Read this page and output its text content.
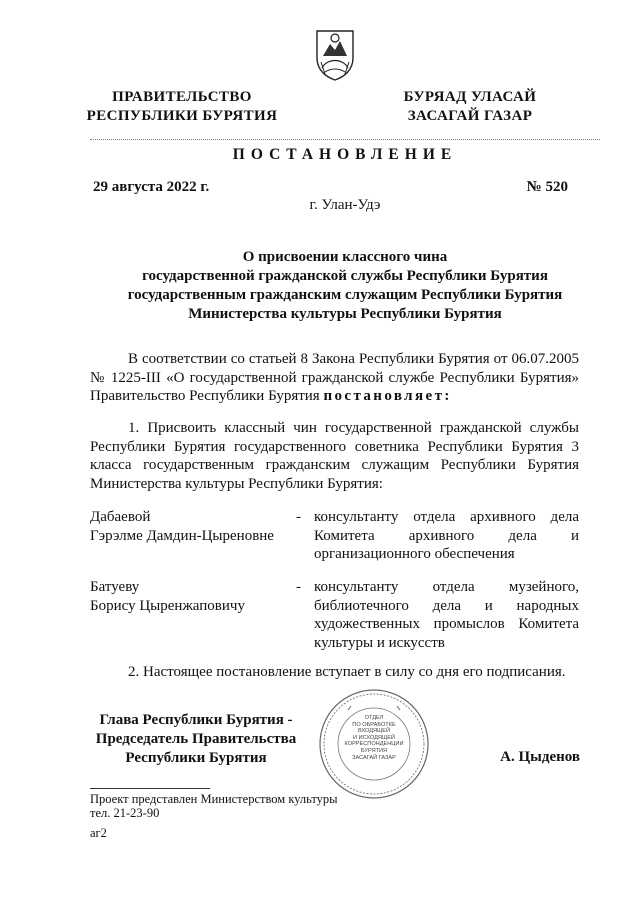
ПРАВИТЕЛЬСТВО
РЕСПУБЛИКИ БУРЯТИЯ
БУРЯАД УЛАСАЙ
ЗАСАГАЙ ГАЗАР
ПОСТАНОВЛЕНИЕ
29 августа 2022 г.	№ 520
г. Улан-Удэ
О присвоении классного чина
государственной гражданской службы Республики Бурятия
государственным гражданским служащим Республики Бурятия
Министерства культуры Республики Бурятия
В соответствии со статьей 8 Закона Республики Бурятия от 06.07.2005 № 1225-III «О государственной гражданской службе Республики Бурятия» Правительство Республики Бурятия постановляет:
1. Присвоить классный чин государственной гражданской службы Республики Бурятия государственного советника Республики Бурятия 3 класса государственным гражданским служащим Республики Бурятия Министерства культуры Республики Бурятия:
Дабаевой
Гэрэлме Дамдин-Цыреновне
- консультанту отдела архивного дела Комитета архивного дела и организационного обеспечения
Батуеву
Борису Цыренжаповичу
- консультанту отдела музейного, библиотечного дела и народных художественных промыслов Комитета культуры и искусств
2. Настоящее постановление вступает в силу со дня его подписания.
Глава Республики Бурятия -
Председатель Правительства
Республики Бурятия	А. Цыденов
ОТДЕЛ
ПО ОБРАБОТКЕ ВХОДЯЩЕЙ
И ИСХОДЯЩЕЙ
КОРРЕСПОНДЕНЦИИ
БУРЯТИЯ
ЗАСАГАЙ ГАЗАР
Проект представлен Министерством культуры
тел. 21-23-90
аг2
